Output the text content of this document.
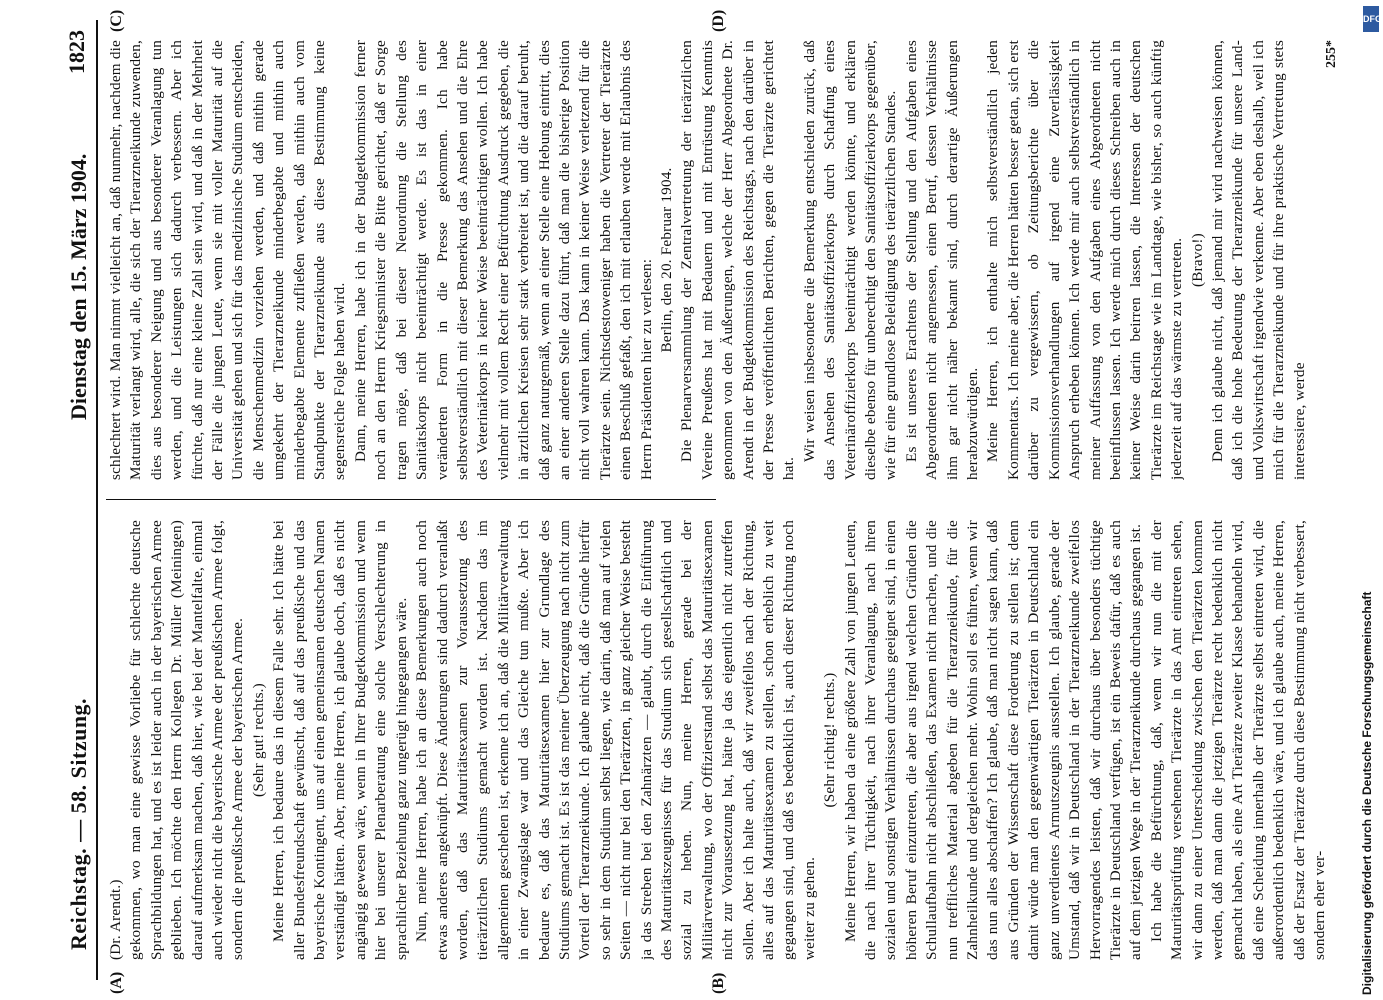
Reichstag. — 58. Sitzung.
Dienstag den 15. März 1904.
1823
(A)	(B)
(C)	(D)

(Dr. Arendt.) gekommen, wo man eine gewisse Vorliebe für schlechte deutsche Sprachbildungen hat, und es ist leider auch in der bayerischen Armee geblieben. Ich möchte den Herrn Kollegen Dr. Müller (Meiningen) darauf aufmerksam machen, daß hier, wie bei der Mantelfalte, einmal auch wieder nicht die bayerische Armee der preußischen Armee folgt, sondern die preußische Armee der bayerischen Armee. (Sehr gut! rechts.) Meine Herren, ich bedaure das in diesem Falle sehr. Ich hätte bei aller Bundesfreundschaft gewünscht, daß auf das preußische und das bayerische Kontingent, uns auf einen gemeinsamen deutschen Namen verständigt hätten. Aber, meine Herren, ich glaube doch, daß es nicht angängig gewesen wäre, wenn in Ihrer Budgetkommission und wenn hier bei unserer Plenarberatung eine solche Verschlechterung in sprachlicher Beziehung ganz ungerügt hingegangen wäre. Nun, meine Herren, habe ich an diese Bemerkungen auch noch etwas anderes angeknüpft. Diese Änderungen sind dadurch veranlaßt worden, daß das Maturitätsexamen zur Voraussetzung des tierärztlichen Studiums gemacht worden ist. Nachdem das im allgemeinen geschehen ist, erkenne ich an, daß die Militärverwaltung in einer Zwangslage war und das Gleiche tun mußte. Aber ich bedaure es, daß das Maturitätsexamen hier zur Grundlage des Studiums gemacht ist. Es ist das meiner Überzeugung nach nicht zum Vorteil der Tierarzneikunde. Ich glaube nicht, daß die Gründe hierfür so sehr in dem Studium selbst liegen, wie darin, daß man auf vielen Seiten — nicht nur bei den Tierärzten, in ganz gleicher Weise besteht ja das Streben bei den Zahnärzten — glaubt, durch die Einführung des Maturitätszeugnisses für das Studium sich gesellschaftlich und sozial zu heben. Nun, meine Herren, gerade bei der Militärverwaltung, wo der Offizierstand selbst das Maturitätsexamen nicht zur Voraussetzung hat, hätte ja das eigentlich nicht zutreffen sollen. Aber ich halte auch, daß wir zweifellos nach der Richtung, alles auf das Maturitätsexamen zu stellen, schon erheblich zu weit gegangen sind, und daß es bedenklich ist, auch dieser Richtung noch weiter zu gehen.

(Sehr richtig! rechts.) Meine Herren, wir haben da eine größere Zahl von jungen Leuten, die nach ihrer Tüchtigkeit, nach ihrer Veranlagung, nach ihren sozialen und sonstigen Verhältnissen durchaus geeignet sind, in einen höheren Beruf einzutreten, die aber aus irgend welchen Gründen die Schullaufbahn nicht abschließen, das Examen nicht machen, und die nun treffliches Material abgeben für die Tierarzneikunde, für die Zahnheilkunde und dergleichen mehr. Wohin soll es führen, wenn wir das nun alles abschaffen? Ich glaube, daß man nicht sagen kann, daß aus Gründen der Wissenschaft diese Forderung zu stellen ist; denn damit würde man den gegenwärtigen Tierärzten in Deutschland ein ganz unverdientes Armutszeugnis ausstellen. Ich glaube, gerade der Umstand, daß wir in Deutschland in der Tierarzneikunde zweifellos Hervorragendes leisten, daß wir durchaus über besonders tüchtige Tierärzte in Deutschland verfügen, ist ein Beweis dafür, daß es auch auf dem jetzigen Wege in der Tierarzneikunde durchaus gegangen ist. Ich habe die Befürchtung, daß, wenn wir nun die mit der Maturitätsprüfung versehenen Tierärzte in das Amt eintreten sehen, wir dann zu einer Unterscheidung zwischen den Tierärzten kommen werden, daß man dann die jetzigen Tierärzte recht bedenklich nicht gemacht haben, als eine Art Tierärzte zweiter Klasse behandeln wird, daß eine Scheidung innerhalb der Tierärzte selbst eintreten wird, die außerordentlich bedenklich wäre, und ich glaube auch, meine Herren, daß der Ersatz der Tierärzte durch diese Bestimmung nicht verbessert, sondern eher ver-

schlechtert wird. Man nimmt vielleicht an, daß nunmehr, nachdem die Maturität verlangt wird, alle, die sich der Tierarzneikunde zuwenden, dies aus besonderer Neigung und aus besonderer Veranlagung tun werden, und die Leistungen sich dadurch verbessern. Aber ich fürchte, daß nur eine kleine Zahl sein wird, und daß in der Mehrheit der Fälle die jungen Leute, wenn sie mit voller Maturität auf die Universität gehen und sich für das medizinische Studium entscheiden, die Menschenmedizin vorziehen werden, und daß mithin gerade umgekehrt der Tierarzneikunde minderbegabte und mithin auch minderbegabte Elemente zufließen werden, daß mithin auch vom Standpunkte der Tierarzneikunde aus diese Bestimmung keine segensreiche Folge haben wird. Dann, meine Herren, habe ich in der Budgetkommission ferner noch an den Herrn Kriegsminister die Bitte gerichtet, daß er Sorge tragen möge, daß bei dieser Neuordnung die Stellung des Sanitätskorps nicht beeinträchtigt werde. Es ist das in einer veränderten Form in die Presse gekommen. Ich habe selbstverständlich mit dieser Bemerkung das Ansehen und die Ehre des Veterinärkorps in keiner Weise beeinträchtigen wollen. Ich habe vielmehr mit vollem Recht einer Befürchtung Ausdruck gegeben, die in ärztlichen Kreisen sehr stark verbreitet ist, und die darauf beruht, daß ganz naturgemäß, wenn an einer Stelle eine Hebung eintritt, dies an einer anderen Stelle dazu führt, daß man die bisherige Position nicht voll wahren kann. Das kann in keiner Weise verletzend für die Tierärzte sein. Nichtsdestoweniger haben die Vertreter der Tierärzte einen Beschluß gefaßt, den ich mit erlauben werde mit Erlaubnis des Herrn Präsidenten hier zu verlesen: Berlin, den 20. Februar 1904. Die Plenarversammlung der Zentralvertretung der tierärztlichen Vereine Preußens hat mit Bedauern und mit Entrüstung Kenntnis genommen von den Äußerungen, welche der Herr Abgeordnete Dr. Arendt in der Budgetkommission des Reichstags, nach den darüber in der Presse veröffentlichten Berichten, gegen die Tierärzte gerichtet hat.

Wir weisen insbesondere die Bemerkung entschieden zurück, daß das Ansehen des Sanitätsoffizierkorps durch Schaffung eines Veterinäroffizierkorps beeinträchtigt werden könnte, und erklären dieselbe ebenso für unberechtigt den Sanitätsoffizierkorps gegenüber, wie für eine grundlose Beleidigung des tierärztlichen Standes. Es ist unseres Erachtens der Stellung und den Aufgaben eines Abgeordneten nicht angemessen, einen Beruf, dessen Verhältnisse ihm gar nicht näher bekannt sind, durch derartige Äußerungen herabzuwürdigen. Meine Herren, ich enthalte mich selbstverständlich jeden Kommentars. Ich meine aber, die Herren hätten besser getan, sich erst darüber zu vergewissern, ob Zeitungsberichte über die Kommissionsverhandlungen auf irgend eine Zuverlässigkeit Anspruch erheben können. Ich werde mir auch selbstverständlich in meiner Auffassung von den Aufgaben eines Abgeordneten nicht beeinflussen lassen. Ich werde mich durch dieses Schreiben auch in keiner Weise darin beirren lassen, die Interessen der deutschen Tierärzte im Reichstage wie im Landtage, wie bisher, so auch künftig jederzeit auf das wärmste zu vertreten. (Bravo!) Denn ich glaube nicht, daß jemand mir wird nachweisen können, daß ich die hohe Bedeutung der Tierarzneikunde für unsere Land- und Volkswirtschaft irgendwie verkenne. Aber eben deshalb, weil ich mich für die Tierarzneikunde und für ihre praktische Vertretung stets interessiere, werde

255*
DFG
Digitalisierung gefördert durch die Deutsche Forschungsgemeinschaft
